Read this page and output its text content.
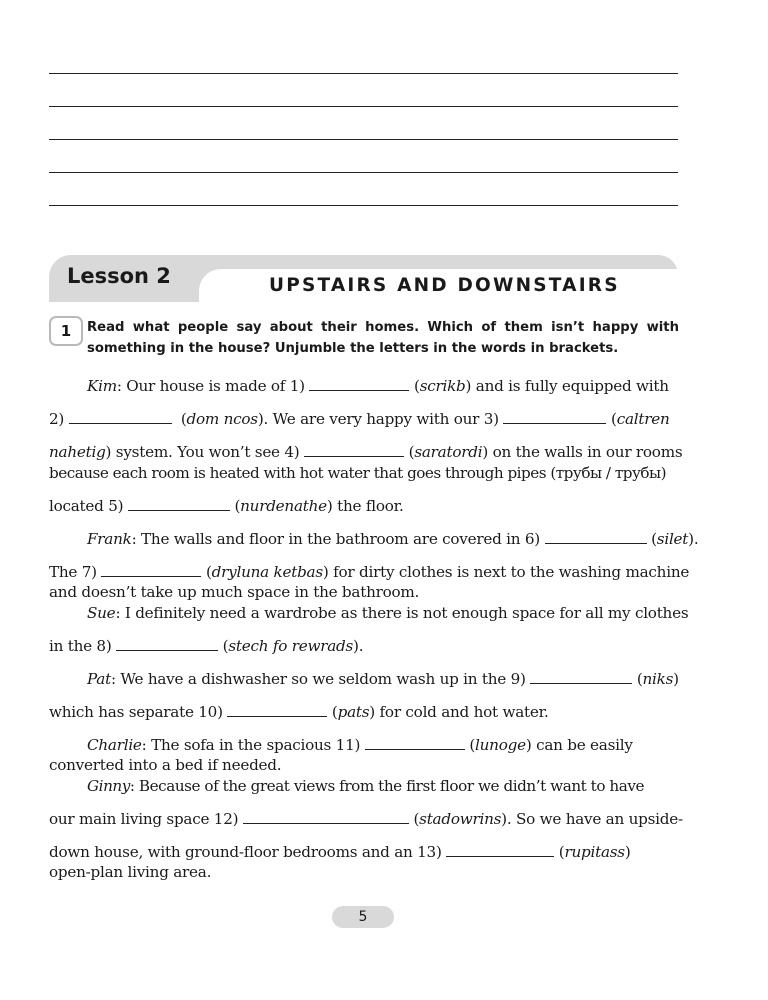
Lesson 2	UPSTAIRS AND DOWNSTAIRS
1	Read what people say about their homes. Which of them isn’t happy with something in the house? Unjumble the letters in the words in brackets.
Kim: Our house is made of 1)	(scrikb) and is fully equipped with
2)	(dom ncos). We are very happy with our 3)	(caltren
nahetig) system. You won’t see 4)	(saratordi) on the walls in our rooms
because each room is heated with hot water that goes through pipes (трубы / трубы)
located 5)	(nurdenathe) the floor.
Frank: The walls and floor in the bathroom are covered in 6)	(silet).
The 7)	(dryluna ketbas) for dirty clothes is next to the washing machine
and doesn’t take up much space in the bathroom.
Sue: I definitely need a wardrobe as there is not enough space for all my clothes
in the 8)	(stech fo rewrads).
Pat: We have a dishwasher so we seldom wash up in the 9)	(niks)
which has separate 10)	(pats) for cold and hot water.
Charlie: The sofa in the spacious 11)	(lunoge) can be easily
converted into a bed if needed.
Ginny: Because of the great views from the first floor we didn’t want to have
our main living space 12)	(stadowrins). So we have an upside-
down house, with ground-floor bedrooms and an 13)	(rupitass)
open-plan living area.
5
